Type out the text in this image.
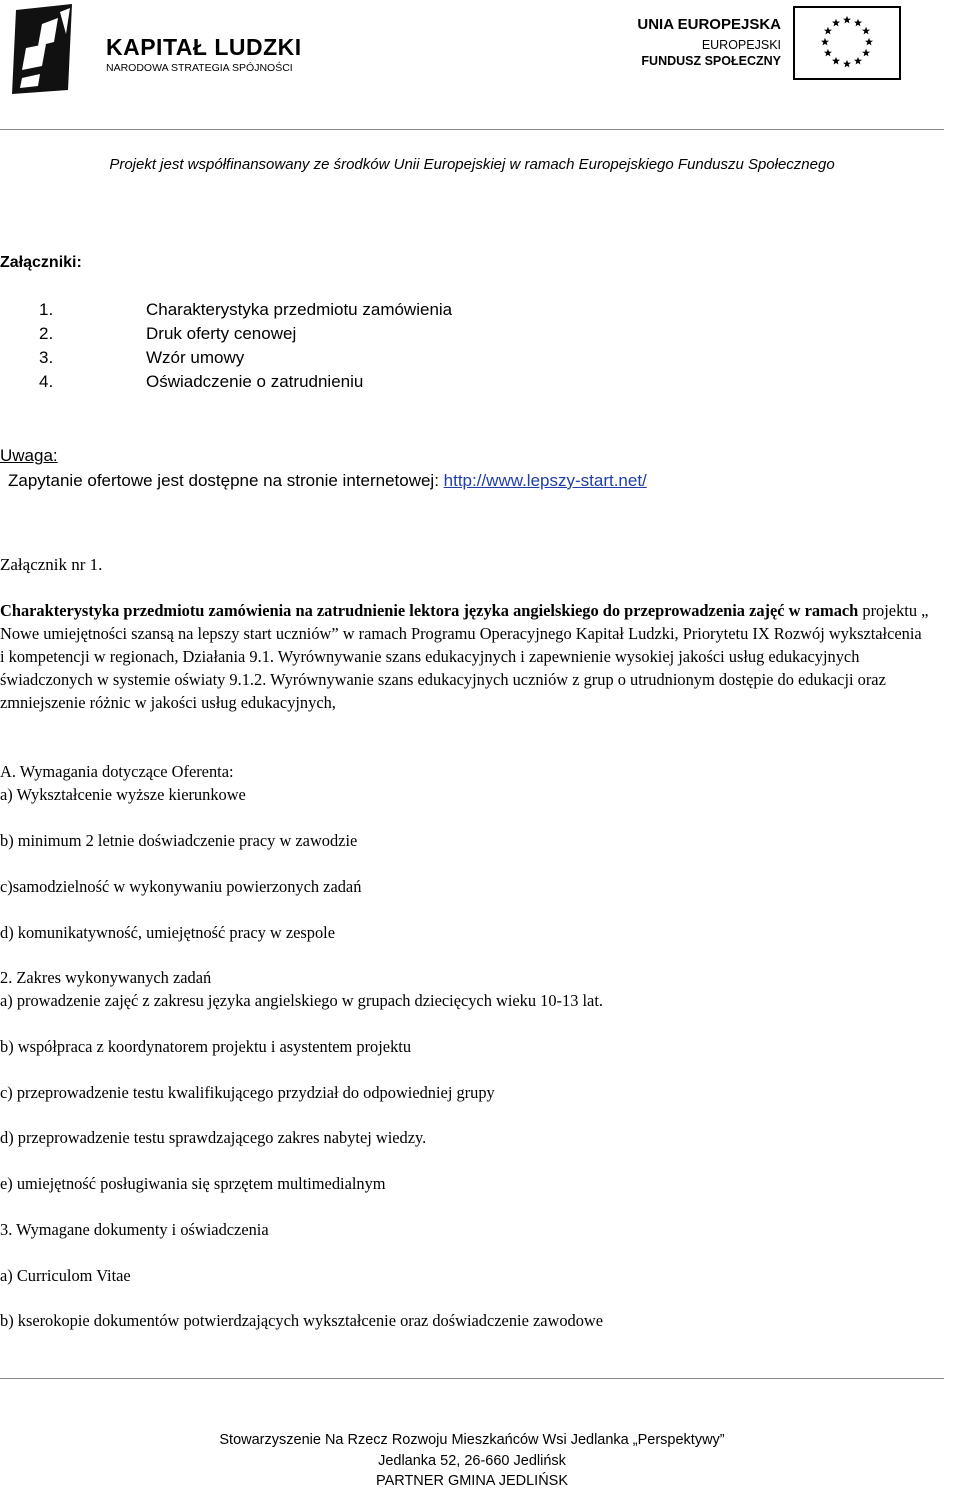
KAPITAŁ LUDZKI
NARODOWA STRATEGIA SPÓJNOŚCI
UNIA EUROPEJSKA
EUROPEJSKI
FUNDUSZ SPOŁECZNY
Projekt jest współfinansowany ze środków Unii Europejskiej w ramach Europejskiego Funduszu Społecznego
Załączniki:
1.	Charakterystyka przedmiotu zamówienia
2.	Druk oferty cenowej
3.	Wzór umowy
4.	Oświadczenie o zatrudnieniu
Uwaga:
Zapytanie ofertowe jest dostępne na stronie internetowej: http://www.lepszy-start.net/
Załącznik nr 1.
Charakterystyka przedmiotu zamówienia na zatrudnienie lektora języka angielskiego do przeprowadzenia zajęć w ramach projektu „ Nowe umiejętności szansą na lepszy start uczniów” w ramach Programu Operacyjnego Kapitał Ludzki, Priorytetu IX Rozwój wykształcenia i kompetencji w regionach, Działania 9.1. Wyrównywanie szans edukacyjnych i zapewnienie wysokiej jakości usług edukacyjnych świadczonych w systemie oświaty 9.1.2. Wyrównywanie szans edukacyjnych uczniów z grup o utrudnionym dostępie do edukacji oraz zmniejszenie różnic w jakości usług edukacyjnych,
A. Wymagania dotyczące Oferenta:
a) Wykształcenie wyższe kierunkowe
b) minimum 2 letnie doświadczenie pracy w zawodzie
c)samodzielność w wykonywaniu powierzonych zadań
d) komunikatywność, umiejętność pracy w zespole
2. Zakres wykonywanych zadań
a) prowadzenie zajęć z zakresu języka angielskiego w grupach dziecięcych wieku 10-13 lat.
b) współpraca z koordynatorem projektu i asystentem projektu
c) przeprowadzenie testu kwalifikującego przydział do odpowiedniej grupy
d) przeprowadzenie testu sprawdzającego zakres nabytej wiedzy.
e) umiejętność posługiwania się sprzętem multimedialnym
3. Wymagane dokumenty i oświadczenia
a) Curriculom Vitae
b) kserokopie dokumentów potwierdzających wykształcenie oraz doświadczenie zawodowe
Stowarzyszenie Na Rzecz Rozwoju Mieszkańców Wsi Jedlanka „Perspektywy”
Jedlanka 52, 26-660 Jedlińsk
PARTNER GMINA JEDLIŃSK
